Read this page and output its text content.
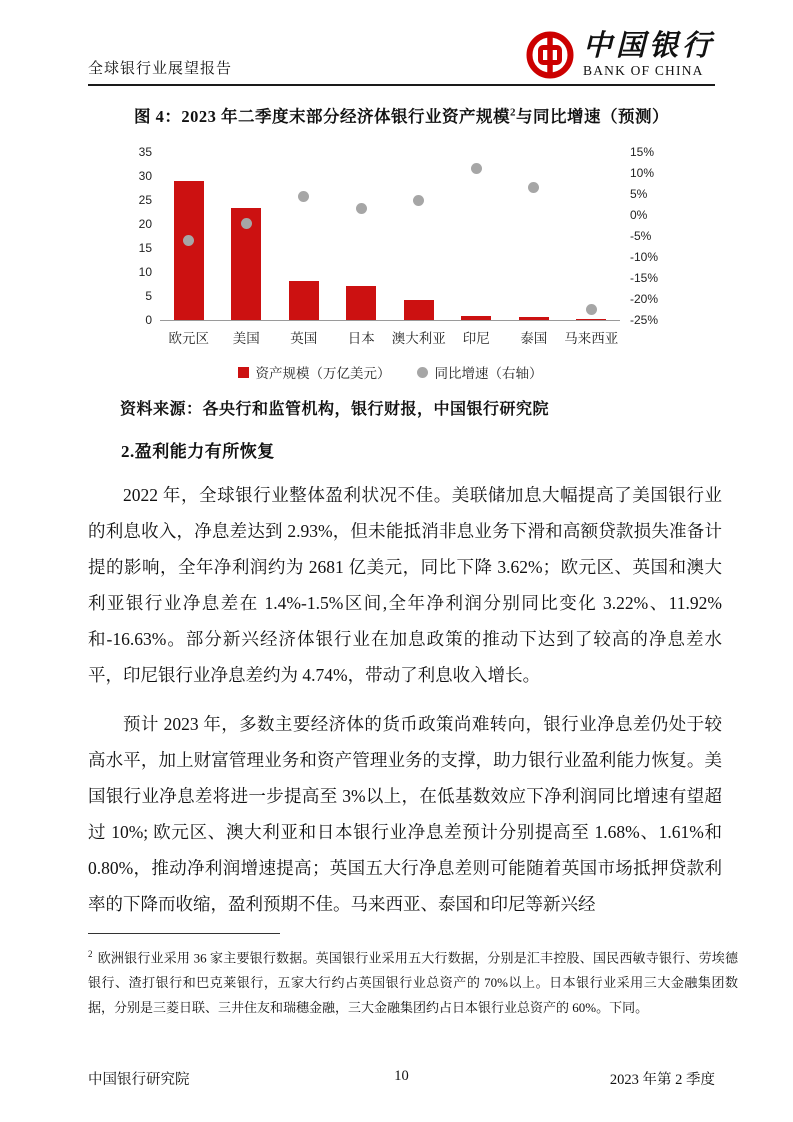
全球银行业展望报告
中国银行
BANK OF CHINA
图 4：2023 年二季度末部分经济体银行业资产规模$^2$与同比增速（预测）
35
30
25
20
15
10
5
0
欧元区	美国	英国	日本	澳大利亚	印尼	泰国	马来西亚
15%
10%
5%
0%
-5%
-10%
-15%
-20%
-25%
资产规模（万亿美元）	同比增速（右轴）
资料来源：各央行和监管机构，银行财报，中国银行研究院
2.盈利能力有所恢复
2022 年，全球银行业整体盈利状况不佳。美联储加息大幅提高了美国银行业的利息收入，净息差达到 2.93%，但未能抵消非息业务下滑和高额贷款损失准备计提的影响，全年净利润约为 2681 亿美元，同比下降 3.62%；欧元区、英国和澳大利亚银行业净息差在 1.4%-1.5%区间,全年净利润分别同比变化 3.22%、11.92%和-16.63%。部分新兴经济体银行业在加息政策的推动下达到了较高的净息差水平，印尼银行业净息差约为 4.74%，带动了利息收入增长。
预计 2023 年，多数主要经济体的货币政策尚难转向，银行业净息差仍处于较高水平，加上财富管理业务和资产管理业务的支撑，助力银行业盈利能力恢复。美国银行业净息差将进一步提高至 3%以上，在低基数效应下净利润同比增速有望超过 10%; 欧元区、澳大利亚和日本银行业净息差预计分别提高至 1.68%、1.61%和 0.80%，推动净利润增速提高；英国五大行净息差则可能随着英国市场抵押贷款利率的下降而收缩，盈利预期不佳。马来西亚、泰国和印尼等新兴经
$^2$ 欧洲银行业采用 36 家主要银行数据。英国银行业采用五大行数据，分别是汇丰控股、国民西敏寺银行、劳埃德银行、渣打银行和巴克莱银行，五家大行约占英国银行业总资产的 70%以上。日本银行业采用三大金融集团数据，分别是三菱日联、三井住友和瑞穗金融，三大金融集团约占日本银行业总资产的 60%。下同。
10
中国银行研究院	2023 年第 2 季度
